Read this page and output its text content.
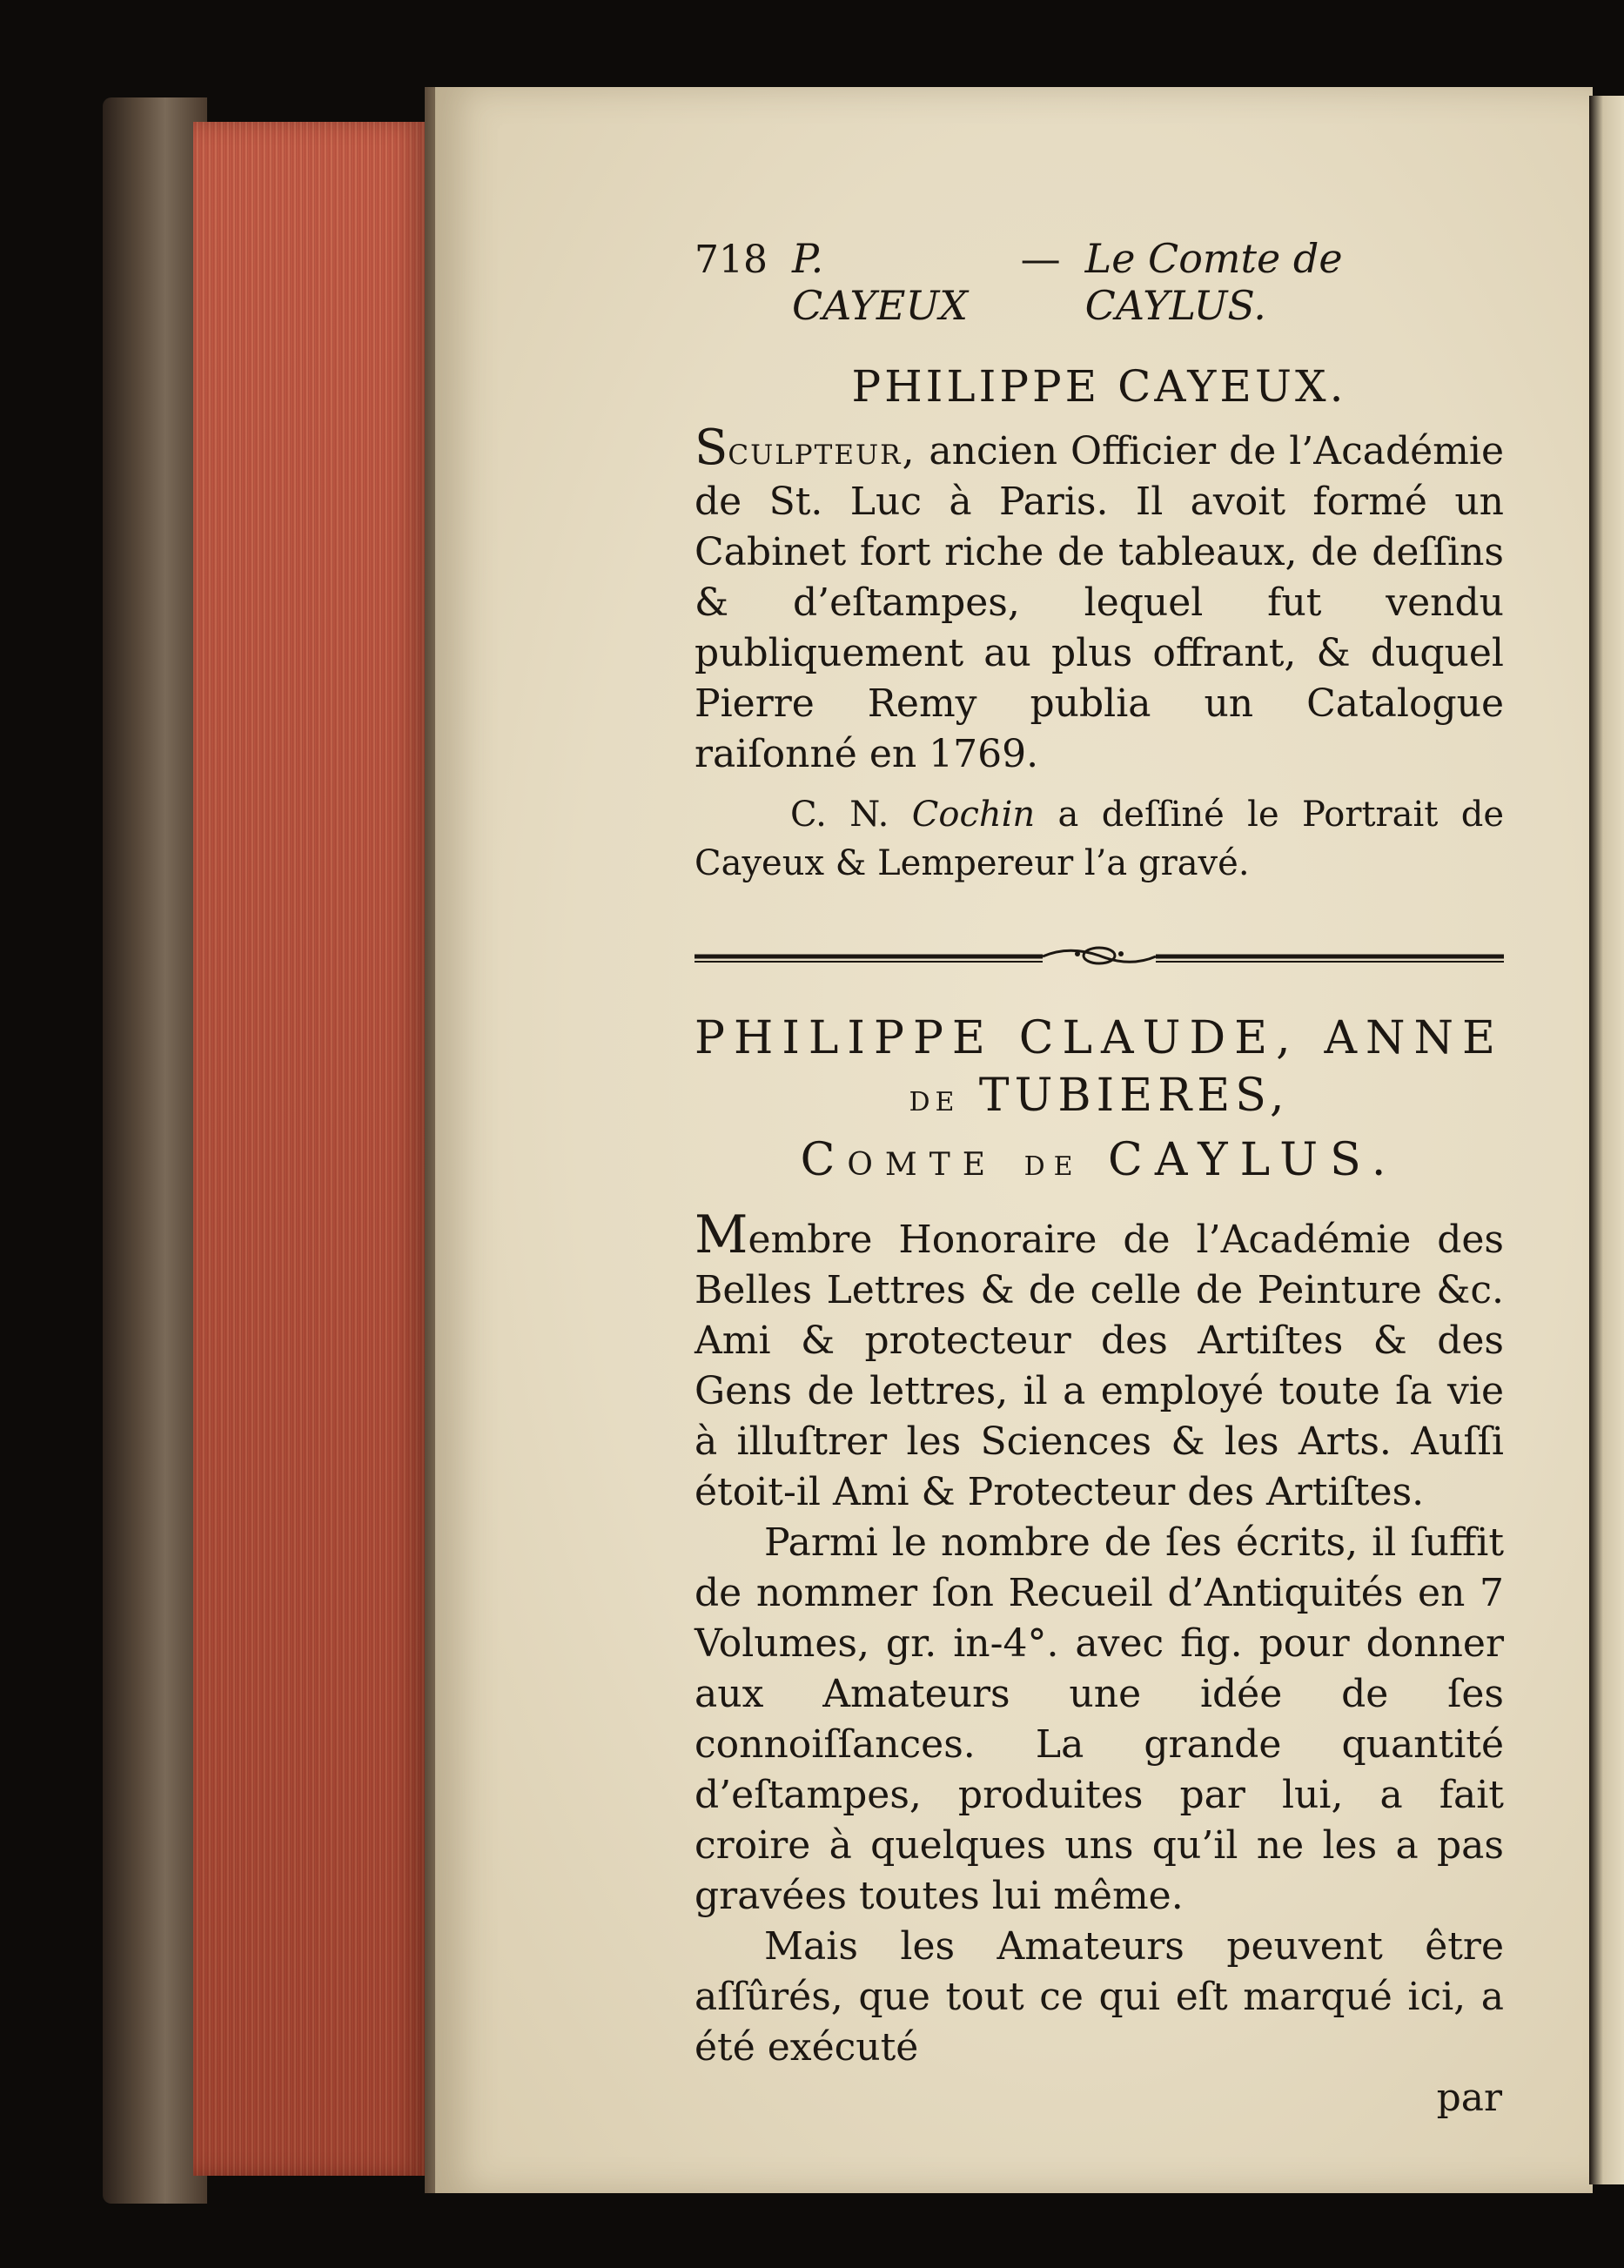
718 P. CAYEUX
— Le Comte de CAYLUS.
PHILIPPE CAYEUX.

Sculpteur, ancien Officier de l’Académie de St. Luc à Paris. Il avoit formé un Cabinet fort riche de tableaux, de deſſins & d’eſtampes, lequel fut vendu publiquement au plus offrant, & duquel Pierre Remy publia un Catalogue raiſonné en 1769.

C. N. Cochin a deſſiné le Portrait de Cayeux & Lempereur l’a gravé.

PHILIPPE CLAUDE, ANNE
DE TUBIERES,
Comte DE CAYLUS.

Membre Honoraire de l’Académie des Belles Lettres & de celle de Peinture &c. Ami & protecteur des Artiſtes & des Gens de lettres, il a employé toute ſa vie à illuſtrer les Sciences & les Arts. Auſſi étoit-il Ami & Protecteur des Artiſtes.

Parmi le nombre de ſes écrits, il ſuffit de nommer ſon Recueil d’Antiquités en 7 Volumes, gr. in-4°. avec fig. pour donner aux Amateurs une idée de ſes connoiſſances. La grande quantité d’eſtampes, produites par lui, a fait croire à quelques uns qu’il ne les a pas gravées toutes lui même.

Mais les Amateurs peuvent être aſſûrés, que tout ce qui eſt marqué ici, a été exécuté

par
